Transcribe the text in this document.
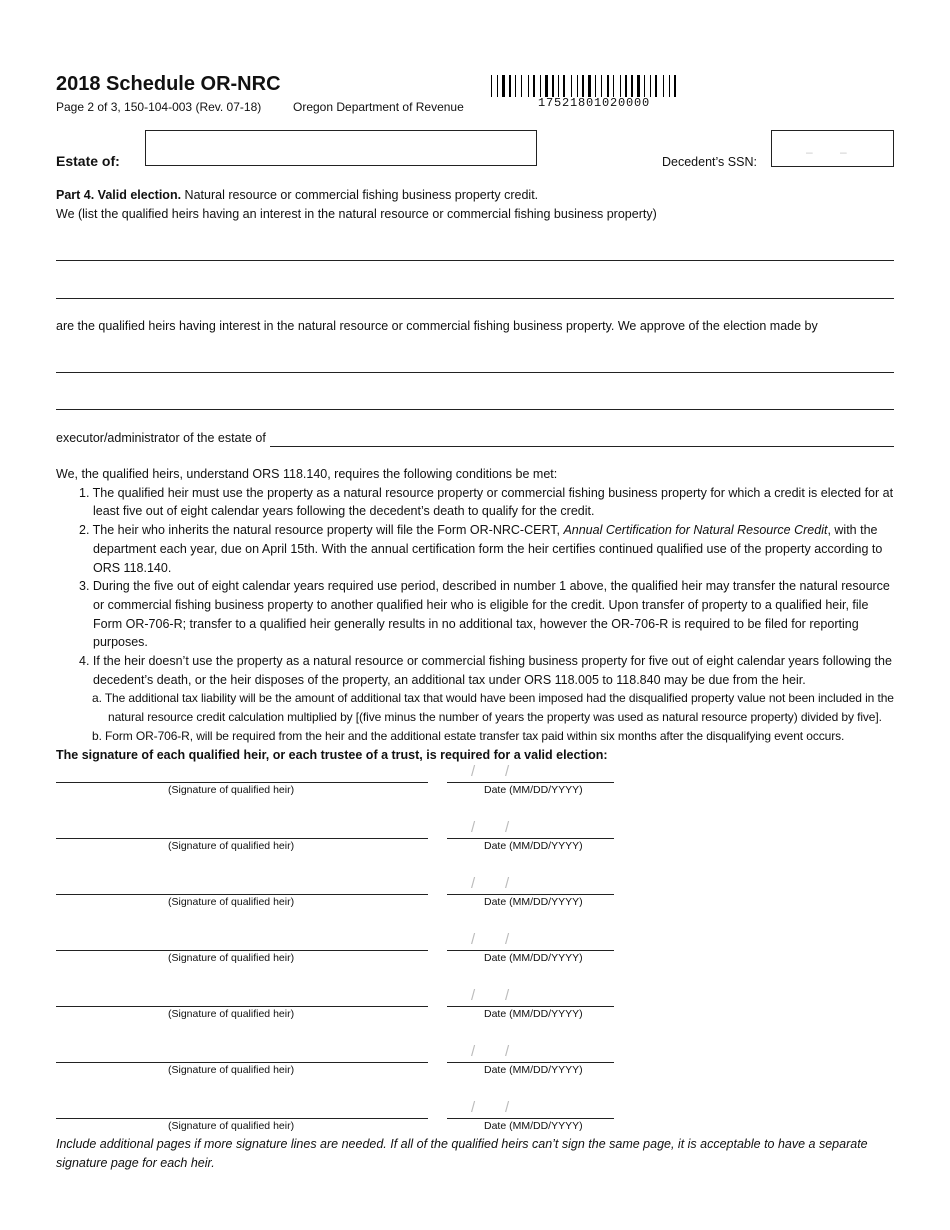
2018 Schedule OR-NRC
Page 2 of 3, 150-104-003 (Rev. 07-18)	Oregon Department of Revenue	17521801020000
Estate of:	Decedent’s SSN:
– –
Part 4. Valid election. Natural resource or commercial fishing business property credit.
We (list the qualified heirs having an interest in the natural resource or commercial fishing business property)
are the qualified heirs having interest in the natural resource or commercial fishing business property. We approve of the election made by
executor/administrator of the estate of

We, the qualified heirs, understand ORS 118.140, requires the following conditions be met:

1. The qualified heir must use the property as a natural resource property or commercial fishing business property for which a credit is elected for at least five out of eight calendar years following the decedent’s death to qualify for the credit.

2. The heir who inherits the natural resource property will file the Form OR-NRC-CERT, Annual Certification for Natural Resource Credit, with the department each year, due on April 15th. With the annual certification form the heir certifies continued qualified use of the property according to ORS 118.140.

3. During the five out of eight calendar years required use period, described in number 1 above, the qualified heir may transfer the natural resource or commercial fishing business property to another qualified heir who is eligible for the credit. Upon transfer of property to a qualified heir, file Form OR-706-R; transfer to a qualified heir generally results in no additional tax, however the OR-706-R is required to be filed for reporting purposes.

4. If the heir doesn’t use the property as a natural resource or commercial fishing business property for five out of eight calendar years following the decedent’s death, or the heir disposes of the property, an additional tax under ORS 118.005 to 118.840 may be due from the heir.

a. The additional tax liability will be the amount of additional tax that would have been imposed had the disqualified property value not been included in the natural resource credit calculation multiplied by [(five minus the number of years the property was used as natural resource property) divided by five].

b. Form OR-706-R, will be required from the heir and the additional estate transfer tax paid within six months after the disqualifying event occurs.

The signature of each qualified heir, or each trustee of a trust, is required for a valid election:

(Signature of qualified heir)
/ /
Date (MM/DD/YYYY)
(Signature of qualified heir)
/ /
Date (MM/DD/YYYY)
(Signature of qualified heir)
/ /
Date (MM/DD/YYYY)
(Signature of qualified heir)
/ /
Date (MM/DD/YYYY)
(Signature of qualified heir)
/ /
Date (MM/DD/YYYY)
(Signature of qualified heir)
/ /
Date (MM/DD/YYYY)
(Signature of qualified heir)
/ /
Date (MM/DD/YYYY)
Include additional pages if more signature lines are needed. If all of the qualified heirs can’t sign the same page, it is acceptable to have a separate signature page for each heir.
